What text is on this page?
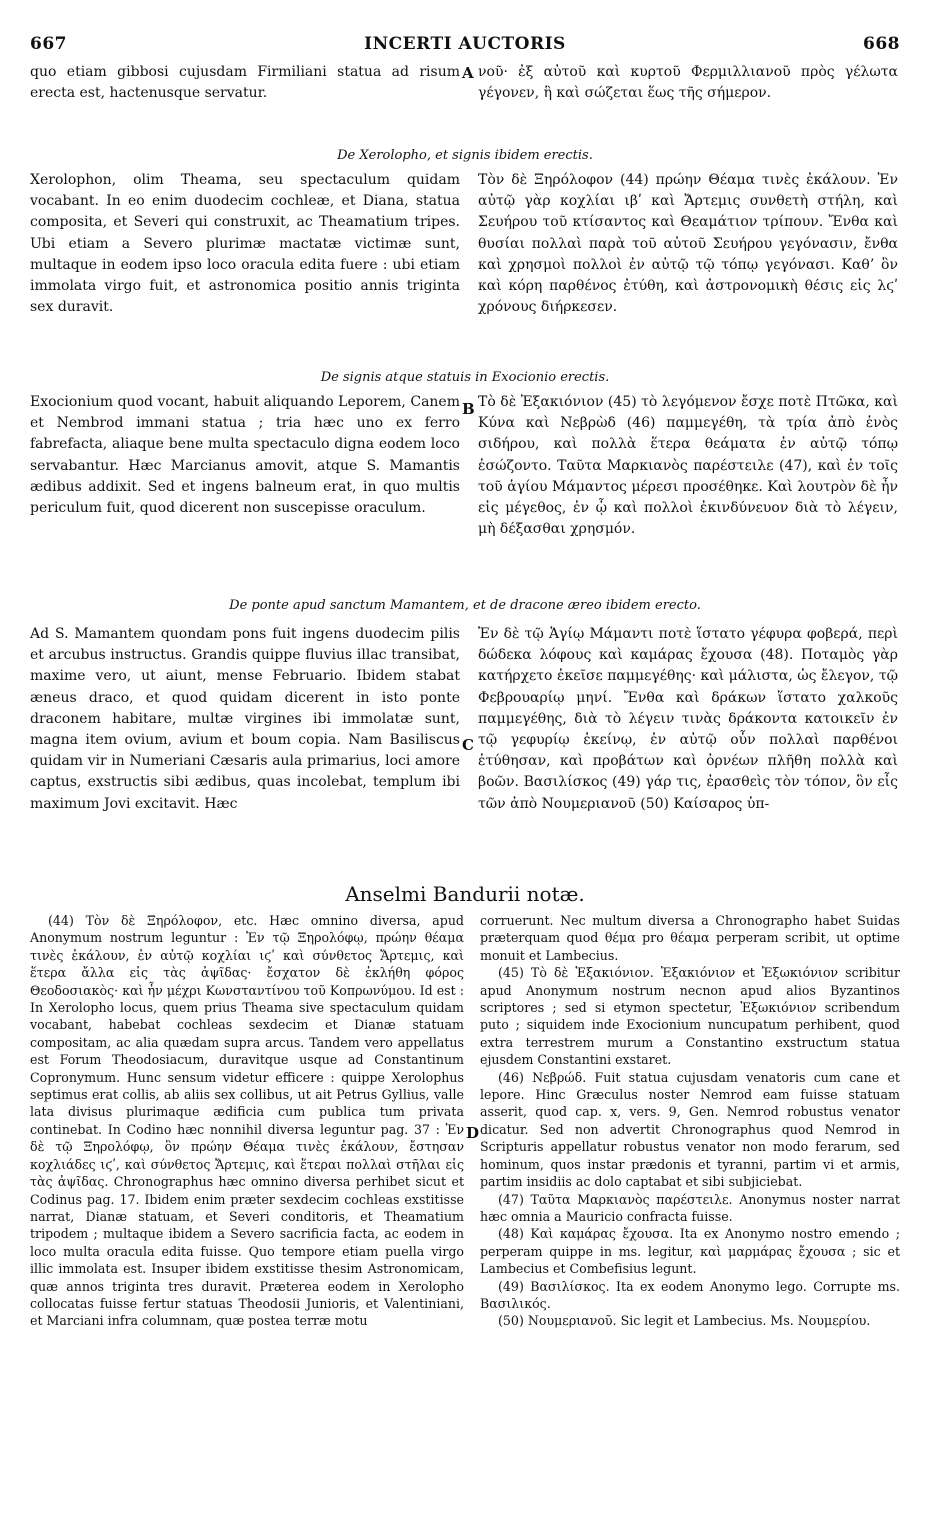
667	INCERTI AUCTORIS	668

quo etiam gibbosi cujusdam Firmiliani statua ad risum erecta est, hactenusque servatur.

νοῦ· ἐξ αὐτοῦ καὶ κυρτοῦ Φερμιλλιανοῦ πρὸς γέλωτα γέγονεν, ἣ καὶ σώζεται ἕως τῆς σήμερον.

A
De Xerolopho, et signis ibidem erectis.

Xerolophon, olim Theama, seu spectaculum quidam vocabant. In eo enim duodecim cochleæ, et Diana, statua composita, et Severi qui construxit, ac Theamatium tripes. Ubi etiam a Severo plurimæ mactatæ victimæ sunt, multaque in eodem ipso loco oracula edita fuere : ubi etiam immolata virgo fuit, et astronomica positio annis triginta sex duravit.

Τὸν δὲ Ξηρόλοφον (44) πρώην Θέαμα τινὲς ἐκάλουν. Ἐν αὐτῷ γὰρ κοχλίαι ιβʹ καὶ Ἄρτεμις συνθετὴ στήλη, καὶ Σευήρου τοῦ κτίσαντος καὶ Θεαμάτιον τρίπουν. Ἔνθα καὶ θυσίαι πολλαὶ παρὰ τοῦ αὐτοῦ Σευήρου γεγόνασιν, ἔνθα καὶ χρησμοὶ πολλοὶ ἐν αὐτῷ τῷ τόπῳ γεγόνασι. Καθ’ ὃν καὶ κόρη παρθένος ἐτύθη, καὶ ἀστρονομικὴ θέσις εἰς λϛʹ χρόνους διήρκεσεν.

De signis atque statuis in Exocionio erectis.

Exocionium quod vocant, habuit aliquando Leporem, Canem et Nembrod immani statua ; tria hæc uno ex ferro fabrefacta, aliaque bene multa spectaculo digna eodem loco servabantur. Hæc Marcianus amovit, atque S. Mamantis ædibus addixit. Sed et ingens balneum erat, in quo multis periculum fuit, quod dicerent non suscepisse oraculum.

Τὸ δὲ Ἐξακιόνιον (45) τὸ λεγόμενον ἔσχε ποτὲ Πτῶκα, καὶ Κύνα καὶ Νεβρὼδ (46) παμμεγέθη, τὰ τρία ἀπὸ ἑνὸς σιδήρου, καὶ πολλὰ ἕτερα θεάματα ἐν αὐτῷ τόπῳ ἐσώζοντο. Ταῦτα Μαρκιανὸς παρέστειλε (47), καὶ ἐν τοῖς τοῦ ἁγίου Μάμαντος μέρεσι προσέθηκε. Καὶ λουτρὸν δὲ ἦν εἰς μέγεθος, ἐν ᾧ καὶ πολλοὶ ἐκινδύνευον διὰ τὸ λέγειν, μὴ δέξασθαι χρησμόν.

B
De ponte apud sanctum Mamantem, et de dracone æreo ibidem erecto.

Ad S. Mamantem quondam pons fuit ingens duodecim pilis et arcubus instructus. Grandis quippe fluvius illac transibat, maxime vero, ut aiunt, mense Februario. Ibidem stabat æneus draco, et quod quidam dicerent in isto ponte draconem habitare, multæ virgines ibi immolatæ sunt, magna item ovium, avium et boum copia. Nam Basiliscus quidam vir in Numeriani Cæsaris aula primarius, loci amore captus, exstructis sibi ædibus, quas incolebat, templum ibi maximum Jovi excitavit. Hæc

Ἐν δὲ τῷ Ἁγίῳ Μάμαντι ποτὲ ἵστατο γέφυρα φοβερά, περὶ δώδεκα λόφους καὶ καμάρας ἔχουσα (48). Ποταμὸς γὰρ κατήρχετο ἐκεῖσε παμμεγέθης· καὶ μάλιστα, ὡς ἔλεγον, τῷ Φεβρουαρίῳ μηνί. Ἔνθα καὶ δράκων ἵστατο χαλκοῦς παμμεγέθης, διὰ τὸ λέγειν τινὰς δράκοντα κατοικεῖν ἐν τῷ γεφυρίῳ ἐκείνῳ, ἐν αὐτῷ οὖν πολλαὶ παρθένοι ἐτύθησαν, καὶ προβάτων καὶ ὀρνέων πλῆθη πολλὰ καὶ βοῶν. Βασιλίσκος (49) γάρ τις, ἐρασθεὶς τὸν τόπον, ὃν εἶς τῶν ἀπὸ Νουμεριανοῦ (50) Καίσαρος ὑπ-

C
Anselmi Bandurii notæ.

(44) Τὸν δὲ Ξηρόλοφον, etc. Hæc omnino diversa, apud Anonymum nostrum leguntur : Ἐν τῷ Ξηρολόφῳ, πρώην θέαμα τινὲς ἐκάλουν, ἐν αὐτῷ κοχλίαι ιϛʹ καὶ σύνθετος Ἄρτεμις, καὶ ἕτερα ἄλλα εἰς τὰς ἀψῖδας· ἔσχατον δὲ ἐκλήθη φόρος Θεοδοσιακὸς· καὶ ἦν μέχρι Κωνσταντίνου τοῦ Κοπρωνύμου. Id est : In Xerolopho locus, quem prius Theama sive spectaculum quidam vocabant, habebat cochleas sexdecim et Dianæ statuam compositam, ac alia quædam supra arcus. Tandem vero appellatus est Forum Theodosiacum, duravitque usque ad Constantinum Copronymum. Hunc sensum videtur efficere : quippe Xerolophus septimus erat collis, ab aliis sex collibus, ut ait Petrus Gyllius, valle lata divisus plurimaque ædificia cum publica tum privata continebat. In Codino hæc nonnihil diversa leguntur pag. 37 : Ἐν δὲ τῷ Ξηρολόφῳ, ὃν πρώην Θέαμα τινὲς ἐκάλουν, ἔστησαν κοχλιάδες ιϛʹ, καὶ σύνθετος Ἄρτεμις, καὶ ἕτεραι πολλαὶ στῆλαι εἰς τὰς ἀψῖδας. Chronographus hæc omnino diversa perhibet sicut et Codinus pag. 17. Ibidem enim præter sexdecim cochleas exstitisse narrat, Dianæ statuam, et Severi conditoris, et Theamatium tripodem ; multaque ibidem a Severo sacrificia facta, ac eodem in loco multa oracula edita fuisse. Quo tempore etiam puella virgo illic immolata est. Insuper ibidem exstitisse thesim Astronomicam, quæ annos triginta tres duravit. Præterea eodem in Xerolopho collocatas fuisse fertur statuas Theodosii Junioris, et Valentiniani, et Marciani infra columnam, quæ postea terræ motu

D

corruerunt. Nec multum diversa a Chronographo habet Suidas præterquam quod θέμα pro θέαμα perperam scribit, ut optime monuit et Lambecius.

(45) Τὸ δὲ Ἐξακιόνιον. Ἐξακιόνιον et Ἐξωκιόνιον scribitur apud Anonymum nostrum necnon apud alios Byzantinos scriptores ; sed si etymon spectetur, Ἐξωκιόνιον scribendum puto ; siquidem inde Exocionium nuncupatum perhibent, quod extra terrestrem murum a Constantino exstructum statua ejusdem Constantini exstaret.

(46) Νεβρώδ. Fuit statua cujusdam venatoris cum cane et lepore. Hinc Græculus noster Nemrod eam fuisse statuam asserit, quod cap. x, vers. 9, Gen. Nemrod robustus venator dicatur. Sed non advertit Chronographus quod Nemrod in Scripturis appellatur robustus venator non modo ferarum, sed hominum, quos instar prædonis et tyranni, partim vi et armis, partim insidiis ac dolo captabat et sibi subjiciebat.

(47) Ταῦτα Μαρκιανὸς παρέστειλε. Anonymus noster narrat hæc omnia a Mauricio confracta fuisse.

(48) Καὶ καμάρας ἔχουσα. Ita ex Anonymo nostro emendo ; perperam quippe in ms. legitur, καὶ μαρμάρας ἔχουσα ; sic et Lambecius et Combefisius legunt.

(49) Βασιλίσκος. Ita ex eodem Anonymo lego. Corrupte ms. Βασιλικός.

(50) Νουμεριανοῦ. Sic legit et Lambecius. Ms. Νουμερίου.
